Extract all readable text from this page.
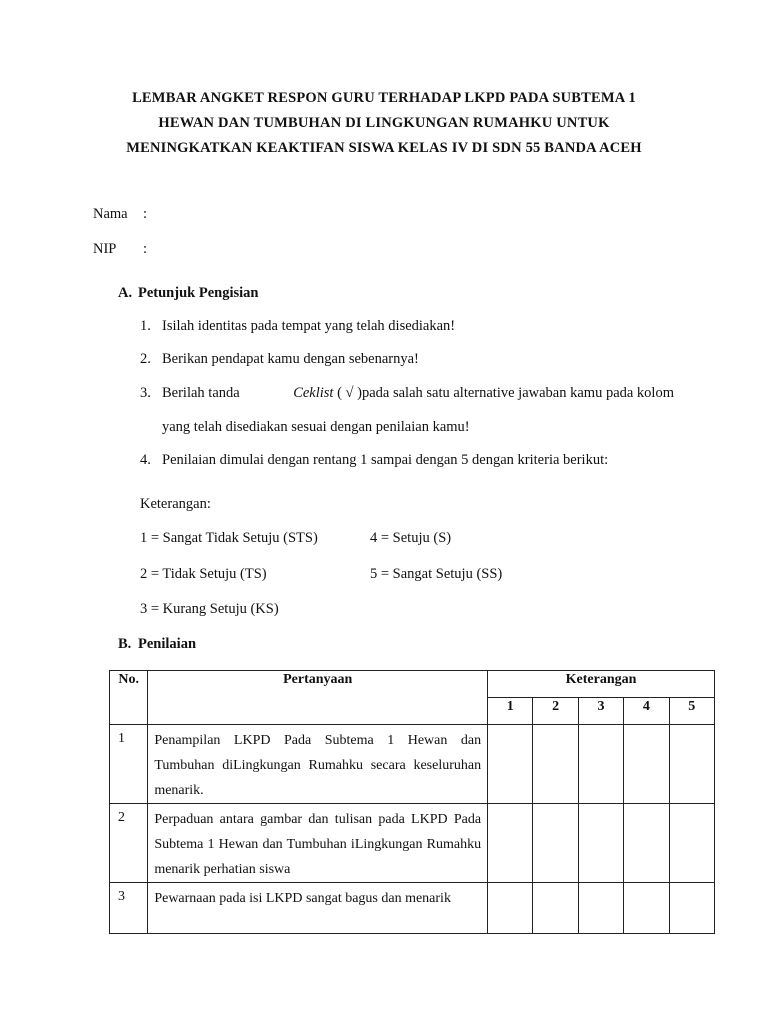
LEMBAR ANGKET RESPON GURU TERHADAP LKPD PADA SUBTEMA 1
HEWAN DAN TUMBUHAN DI LINGKUNGAN RUMAHKU UNTUK
MENINGKATKAN KEAKTIFAN SISWA KELAS IV DI SDN 55 BANDA ACEH
Nama :
NIP :
A. Petunjuk Pengisian
1. Isilah identitas pada tempat yang telah disediakan!
2. Berikan pendapat kamu dengan sebenarnya!
3. Berilah tanda	Ceklist ( √ )pada salah satu alternative jawaban kamu pada kolom
yang telah disediakan sesuai dengan penilaian kamu!
4. Penilaian dimulai dengan rentang 1 sampai dengan 5 dengan kriteria berikut:
Keterangan:
1 = Sangat Tidak Setuju (STS)	4 = Setuju (S)
2 = Tidak Setuju (TS)	5 = Sangat Setuju (SS)
3 = Kurang Setuju (KS)
B. Penilaian
No.	Pertanyaan	Keterangan				
		1	2	3	4	5
1	Penampilan LKPD Pada Subtema 1 Hewan dan Tumbuhan diLingkungan Rumahku secara keseluruhan menarik.					
2	Perpaduan antara gambar dan tulisan pada LKPD Pada Subtema 1 Hewan dan Tumbuhan iLingkungan Rumahku menarik perhatian siswa					
3	Pewarnaan pada isi LKPD sangat bagus dan menarik					
